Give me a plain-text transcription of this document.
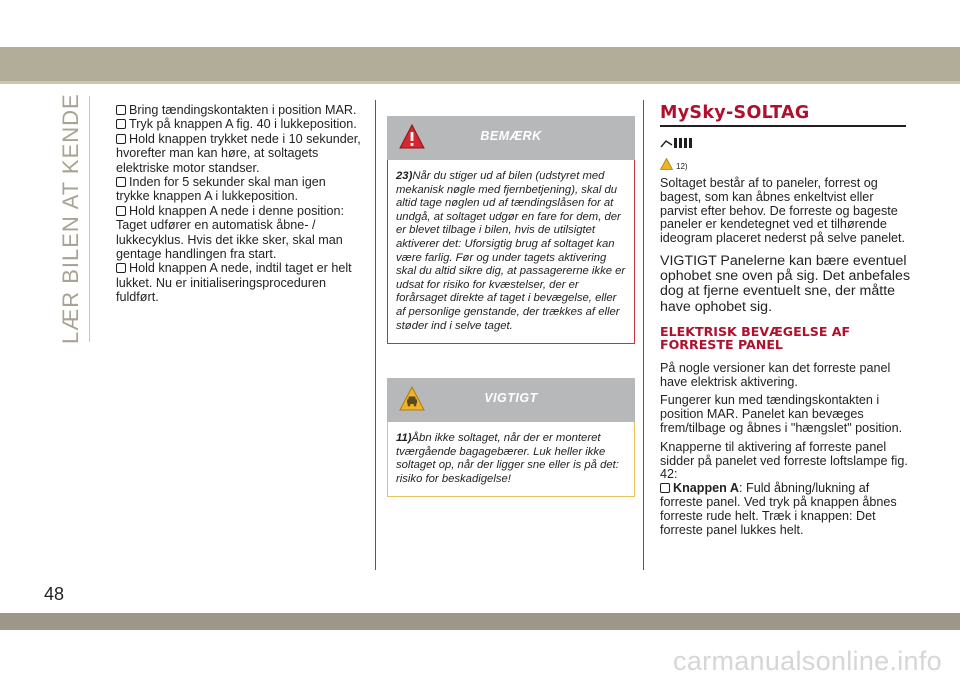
LÆR BILEN AT KENDE	Bring tændingskontakten i position MAR.

Tryk på knappen A fig. 40 i lukkeposition.

Hold knappen trykket nede i 10 sekunder, hvorefter man kan høre, at soltagets elektriske motor standser.

Inden for 5 sekunder skal man igen trykke knappen A i lukkeposition.

Hold knappen A nede i denne position: Taget udfører en automatisk åbne- / lukkecyklus. Hvis det ikke sker, skal man gentage handlingen fra start.

Hold knappen A nede, indtil taget er helt lukket. Nu er initialiseringsproceduren fuldført.

BEMÆRK
23)Når du stiger ud af bilen (udstyret med mekanisk nøgle med fjernbetjening), skal du altid tage nøglen ud af tændingslåsen for at undgå, at soltaget udgør en fare for dem, der er blevet tilbage i bilen, hvis de utilsigtet aktiverer det: Uforsigtig brug af soltaget kan være farlig. Før og under tagets aktivering skal du altid sikre dig, at passagererne ikke er udsat for risiko for kvæstelser, der er forårsaget direkte af taget i bevægelse, eller af personlige genstande, der trækkes af eller støder ind i selve taget.
VIGTIGT
11)Åbn ikke soltaget, når der er monteret tværgående bagagebærer. Luk heller ikke soltaget op, når der ligger sne eller is på det: risiko for beskadigelse!
MySky-SOLTAG
12)

Soltaget består af to paneler, forrest og bagest, som kan åbnes enkeltvist eller parvist efter behov. De forreste og bageste paneler er kendetegnet ved et tilhørende ideogram placeret nederst på selve panelet.

VIGTIGT Panelerne kan bære eventuel ophobet sne oven på sig. Det anbefales dog at fjerne eventuelt sne, der måtte have ophobet sig.

ELEKTRISK BEVÆGELSE AF FORRESTE PANEL

På nogle versioner kan det forreste panel have elektrisk aktivering.

Fungerer kun med tændingskontakten i position MAR. Panelet kan bevæges frem/tilbage og åbnes i "hængslet" position.

Knapperne til aktivering af forreste panel sidder på panelet ved forreste loftslampe fig. 42:

Knappen A: Fuld åbning/lukning af forreste panel. Ved tryk på knappen åbnes forreste rude helt. Træk i knappen: Det forreste panel lukkes helt.

48
carmanualsonline.info
